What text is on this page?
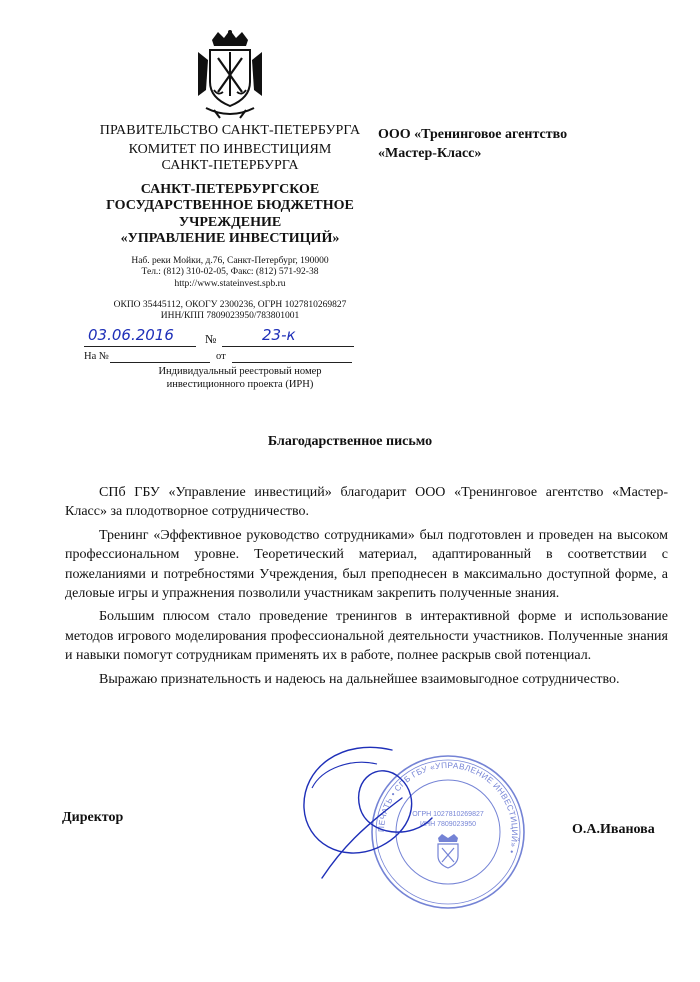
ПРАВИТЕЛЬСТВО САНКТ-ПЕТЕРБУРГА
КОМИТЕТ ПО ИНВЕСТИЦИЯМ
САНКТ-ПЕТЕРБУРГА
САНКТ-ПЕТЕРБУРГСКОЕ
ГОСУДАРСТВЕННОЕ БЮДЖЕТНОЕ
УЧРЕЖДЕНИЕ
«УПРАВЛЕНИЕ ИНВЕСТИЦИЙ»
Наб. реки Мойки, д.76, Санкт-Петербург, 190000
Тел.: (812) 310-02-05, Факс: (812) 571-92-38
http://www.stateinvest.spb.ru
ОКПО 35445112, ОКОГУ 2300236, ОГРН 1027810269827
ИНН/КПП 7809023950/783801001
ООО «Тренинговое агентство
«Мастер-Класс»
03.06.2016	№	23-к
На №	от
Индивидуальный реестровый номер
инвестиционного проекта (ИРН)
Благодарственное письмо

СПб ГБУ «Управление инвестиций» благодарит ООО «Тренинговое агентство «Мастер-Класс» за плодотворное сотрудничество.

Тренинг «Эффективное руководство сотрудниками» был подготовлен и проведен на высоком профессиональном уровне. Теоретический материал, адаптированный в соответствии с пожеланиями и потребностями Учреждения, был преподнесен в максимально доступной форме, а деловые игры и упражнения позволили участникам закрепить полученные знания.

Большим плюсом стало проведение тренингов в интерактивной форме и использование методов игрового моделирования профессиональной деятельности участников. Полученные знания и навыки помогут сотрудникам применять их в работе, полнее раскрыв свой потенциал.

Выражаю признательность и надеюсь на дальнейшее взаимовыгодное сотрудничество.

ПЕЧАТЬ • СПБ ГБУ «УПРАВЛЕНИЕ ИНВЕСТИЦИЙ» •
ОГРН 1027810269827
ИНН 7809023950
Директор
О.А.Иванова
